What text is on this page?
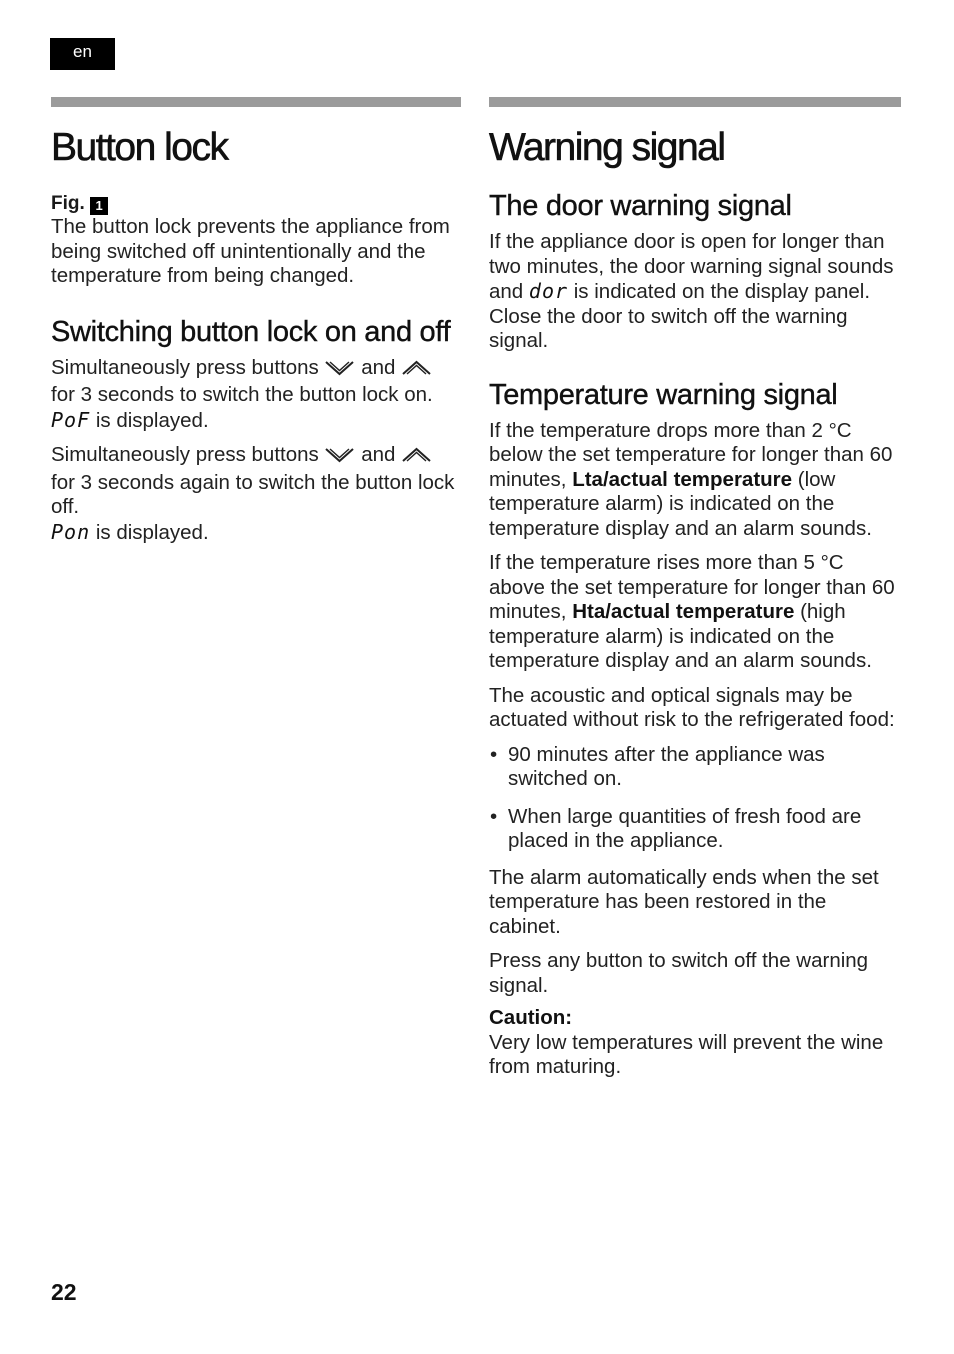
en
Button lock
Fig. 1

The button lock prevents the appliance from being switched off unintentionally and the temperature from being changed.

Switching button lock on and off

Simultaneously press buttons and  for 3 seconds to switch the button lock on.

PoF is displayed.

Simultaneously press buttons and  for 3 seconds again to switch the button lock off.

Pon is displayed.

Warning signal
The door warning signal

If the appliance door is open for longer than two minutes, the door warning signal sounds and dor is indicated on the display panel. Close the door to switch off the warning signal.

Temperature warning signal

If the temperature drops more than 2 °C below the set temperature for longer than 60 minutes, Lta/actual temperature (low temperature alarm) is indicated on the temperature display and an alarm sounds.

If the temperature rises more than 5 °C above the set temperature for longer than 60 minutes, Hta/actual temperature (high temperature alarm) is indicated on the temperature display and an alarm sounds.

The acoustic and optical signals may be actuated without risk to the refrigerated food:

• 90 minutes after the appliance was switched on.
• When large quantities of fresh food are placed in the appliance.

The alarm automatically ends when the set temperature has been restored in the cabinet.

Press any button to switch off the warning signal.

Caution:

Very low temperatures will prevent the wine from maturing.

22
